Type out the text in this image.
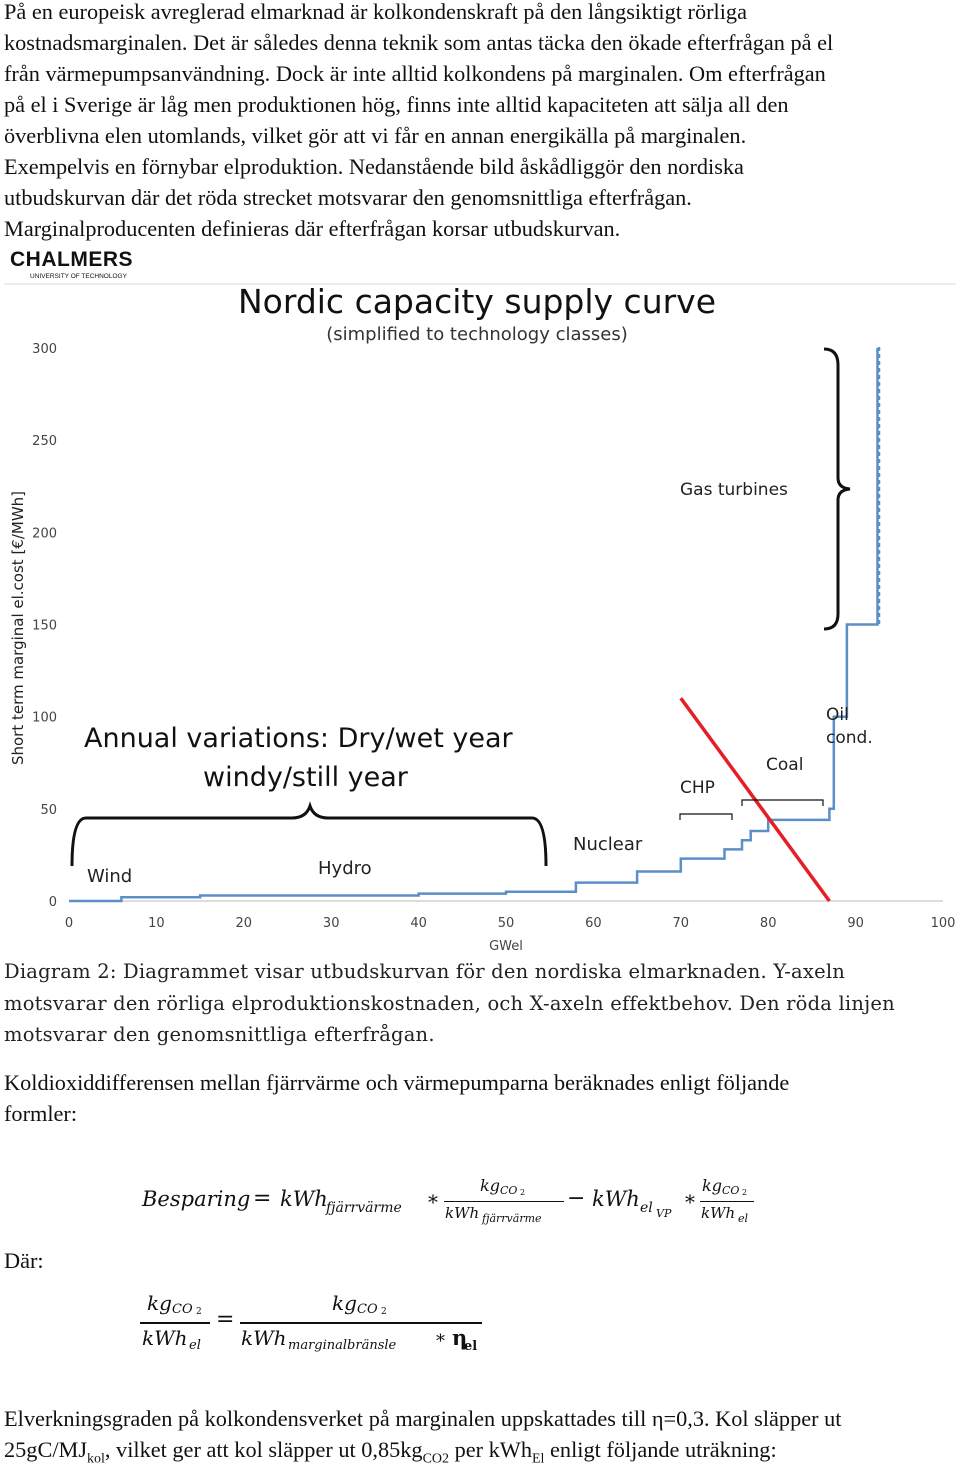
På en europeisk avreglerad elmarknad är kolkondenskraft på den långsiktigt rörliga

kostnadsmarginalen. Det är således denna teknik som antas täcka den ökade efterfrågan på el

från värmepumpsanvändning. Dock är inte alltid kolkondens på marginalen. Om efterfrågan

på el i Sverige är låg men produktionen hög, finns inte alltid kapaciteten att sälja all den

överblivna elen utomlands, vilket gör att vi får en annan energikälla på marginalen.

Exempelvis en förnybar elproduktion. Nedanstående bild åskådliggör den nordiska

utbudskurvan där det röda strecket motsvarar den genomsnittliga efterfrågan.

Marginalproducenten definieras där efterfrågan korsar utbudskurvan.

CHALMERS
UNIVERSITY OF TECHNOLOGY
Nordic capacity supply curve
(simplified to technology classes)
Short term marginal el.cost [€/MWh]
GWel
0	10	20	30	40	50	60	70	80	90	100
0
50
100
150
200
250
300
Gas turbines
Oil
cond.
Coal
CHP
Nuclear
Hydro
Wind
Annual variations: Dry/wet year
windy/still year

Diagram 2: Diagrammet visar utbudskurvan för den nordiska elmarknaden. Y-axeln

motsvarar den rörliga elproduktionskostnaden, och X-axeln effektbehov. Den röda linjen

motsvarar den genomsnittliga efterfrågan.

Koldioxiddifferensen mellan fjärrvärme och värmepumparna beräknades enligt följande

formler:

Besparing = kWh
fjärrvärme *
kg CO 2
kWh fjärrvärme
− kWh el VP *
kg CO 2
kWh el

Där:

kg CO 2
kWh el
=
kg CO 2
kWh marginalbränsle * η
el

Elverkningsgraden på kolkondensverket på marginalen uppskattades till η=0,3. Kol släpper ut

$25gC/MJ_{kol}$, vilket ger att kol släpper ut $0,85kg_{CO2}$ per kWh$_{El}$ enligt följande uträkning:
